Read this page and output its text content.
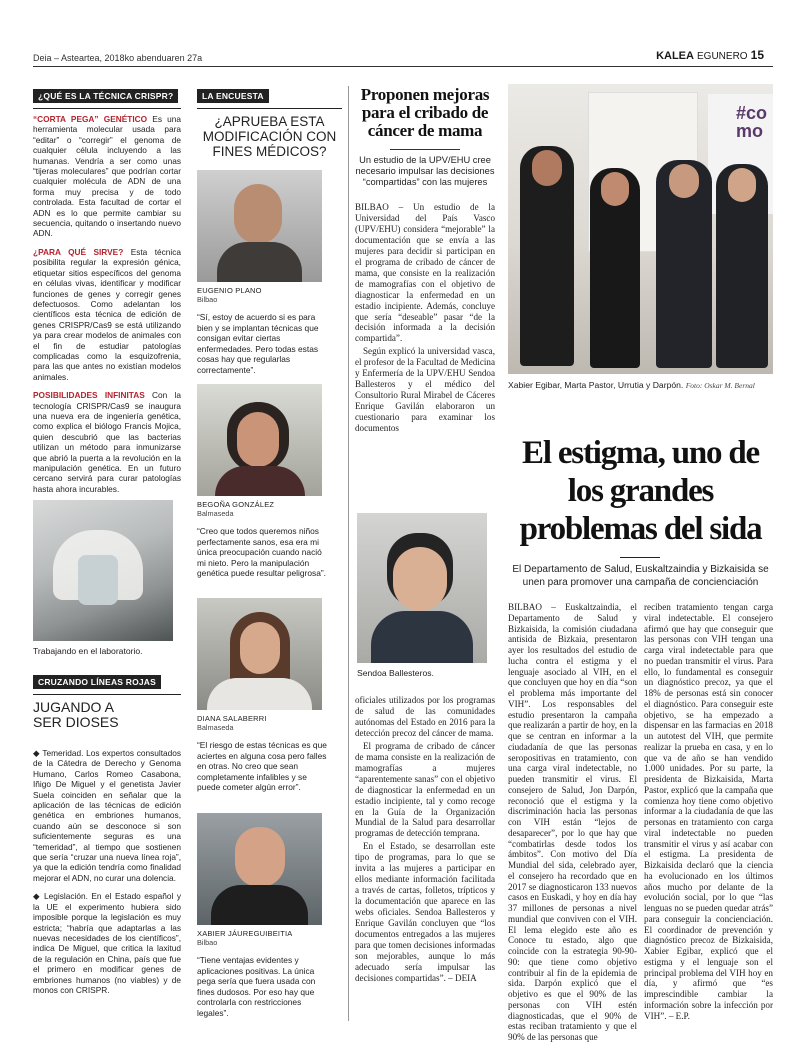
Deia – Asteartea, 2018ko abenduaren 27a	KALEA EGUNERO 15
¿QUÉ ES LA TÉCNICA CRISPR?

“CORTA PEGA” GENÉTICO Es una herramienta molecular usada para “editar” o “corregir” el genoma de cualquier célula incluyendo a las humanas. Vendría a ser como unas “tijeras moleculares” que podrían cortar cualquier molécula de ADN de una forma muy precisa y de todo controlada. Esta facultad de cortar el ADN es lo que permite cambiar su secuencia, quitando o insertando nuevo ADN.

¿PARA QUÉ SIRVE? Esta técnica posibilita regular la expresión génica, etiquetar sitios específicos del genoma en células vivas, identificar y modificar funciones de genes y corregir genes defectuosos. Como adelantan los científicos esta técnica de edición de genes CRISPR/Cas9 se está utilizando ya para crear modelos de animales con el fin de estudiar patologías complicadas como la esquizofrenia, para las que antes no existían modelos animales.

POSIBILIDADES INFINITAS Con la tecnología CRISPR/Cas9 se inaugura una nueva era de ingeniería genética, como explica el biólogo Francis Mojica, quien descubrió que las bacterias utilizan un método para inmunizarse que abrió la puerta a la revolución en la manipulación genética. En un futuro cercano servirá para curar patologías hasta ahora incurables.

Trabajando en el laboratorio.
CRUZANDO LÍNEAS ROJAS
JUGANDO A SER DIOSES

◆ Temeridad. Los expertos consultados de la Cátedra de Derecho y Genoma Humano, Carlos Romeo Casabona, Iñigo De Miguel y el genetista Javier Suela coinciden en señalar que la aplicación de las técnicas de edición genética en embriones humanos, cuando aún se desconoce si son suficientemente seguras es una “temeridad”, al tiempo que sostienen que sería “cruzar una nueva línea roja”, ya que la edición tendría como finalidad mejorar el ADN, no curar una dolencia.

◆ Legislación. En el Estado español y la UE el experimento hubiera sido imposible porque la legislación es muy estricta; “habría que adaptarlas a las nuevas necesidades de los científicos”, indica De Miguel, que critica la laxitud de la regulación en China, país que fue el primero en modificar genes de embriones humanos (no viables) y de monos con CRISPR.

LA ENCUESTA
¿APRUEBA ESTA MODIFICACIÓN CON FINES MÉDICOS?
EUGENIO PLANO
Bilbao
“Sí, estoy de acuerdo si es para bien y se implantan técnicas que consigan evitar ciertas enfermedades. Pero todas estas cosas hay que regularlas correctamente”.
BEGOÑA GONZÁLEZ
Balmaseda
“Creo que todos queremos niños perfectamente sanos, esa era mi única preocupación cuando nació mi nieto. Pero la manipulación genética puede resultar peligrosa”.
DIANA SALABERRI
Balmaseda
“El riesgo de estas técnicas es que aciertes en alguna cosa pero falles en otras. No creo que sean completamente infalibles y se puede cometer algún error”.
XABIER JÁUREGUIBEITIA
Bilbao
“Tiene ventajas evidentes y aplicaciones positivas. La única pega sería que fuera usada con fines dudosos. Por eso hay que controlarla con restricciones legales”.
Proponen mejoras para el cribado de cáncer de mama
Un estudio de la UPV/EHU cree necesario impulsar las decisiones “compartidas” con las mujeres

BILBAO – Un estudio de la Universidad del País Vasco (UPV/EHU) considera “mejorable” la documentación que se envía a las mujeres para decidir si participan en el programa de cribado de cáncer de mama, que consiste en la realización de mamografías con el objetivo de diagnosticar la enfermedad en un estadio incipiente. Además, concluye que sería “deseable” pasar “de la decisión informada a la decisión compartida”.

Según explicó la universidad vasca, el profesor de la Facultad de Medicina y Enfermería de la UPV/EHU Sendoa Ballesteros y el médico del Consultorio Rural Mirabel de Cáceres Enrique Gavilán elaboraron un cuestionario para examinar los documentos

Sendoa Ballesteros.

oficiales utilizados por los programas de salud de las comunidades autónomas del Estado en 2016 para la detección precoz del cáncer de mama.

El programa de cribado de cáncer de mama consiste en la realización de mamografías a mujeres “aparentemente sanas” con el objetivo de diagnosticar la enfermedad en un estadio incipiente, tal y como recoge en la Guía de la Organización Mundial de la Salud para desarrollar programas de detección temprana.

En el Estado, se desarrollan este tipo de programas, para lo que se invita a las mujeres a participar en ellos mediante información facilitada a través de cartas, folletos, trípticos y la documentación que aparece en las webs oficiales. Sendoa Ballesteros y Enrique Gavilán concluyen que “los documentos entregados a las mujeres para que tomen decisiones informadas son mejorables, aunque lo más adecuado sería impulsar las decisiones compartidas”. – DEIA

#co mo
Xabier Egibar, Marta Pastor, Urrutia y Darpón. Foto: Oskar M. Bernal
El estigma, uno de los grandes problemas del sida
El Departamento de Salud, Euskaltzaindia y Bizkaisida se unen para promover una campaña de concienciación
BILBAO – Euskaltzaindia, el Departamento de Salud y Bizkaisida, la comisión ciudadana antisida de Bizkaia, presentaron ayer los resultados del estudio de lucha contra el estigma y el lenguaje asociado al VIH, en el que concluyen que hoy en día “son el problema más importante del VIH”. Los responsables del estudio presentaron la campaña que realizarán a partir de hoy, en la que se centran en informar a la ciudadanía de que las personas seropositivas en tratamiento, con una carga viral indetectable, no pueden transmitir el virus. El consejero de Salud, Jon Darpón, reconoció que el estigma y la discriminación hacia las personas con VIH están “lejos de desaparecer”, por lo que hay que “combatirlas desde todos los ámbitos”. Con motivo del Día Mundial del sida, celebrado ayer, el consejero ha recordado que en 2017 se diagnosticaron 133 nuevos casos en Euskadi, y hoy en día hay 37 millones de personas a nivel mundial que conviven con el VIH. El lema elegido este año es Conoce tu estado, algo que coincide con la estrategia 90-90-90: que tiene como objetivo contribuir al fin de la epidemia de sida. Darpón explicó que el objetivo es que el 90% de las personas con VIH estén diagnosticadas, que el 90% de estas reciban tratamiento y que el 90% de las personas que
reciben tratamiento tengan carga viral indetectable. El consejero afirmó que hay que conseguir que las personas con VIH tengan una carga viral indetectable para que no puedan transmitir el virus. Para ello, lo fundamental es conseguir un diagnóstico precoz, ya que el 18% de personas está sin conocer el diagnóstico. Para conseguir este objetivo, se ha empezado a dispensar en las farmacias en 2018 un autotest del VIH, que permite realizar la prueba en casa, y en lo que va de año se han vendido 1.000 unidades. Por su parte, la presidenta de Bizkaisida, Marta Pastor, explicó que la campaña que comienza hoy tiene como objetivo informar a la ciudadanía de que las personas en tratamiento con carga viral indetectable no pueden transmitir el virus y así acabar con el estigma. La presidenta de Bizkaisida declaró que la ciencia ha evolucionado en los últimos años mucho por delante de la evolución social, por lo que “las lenguas no se pueden quedar atrás” para conseguir la concienciación. El coordinador de prevención y diagnóstico precoz de Bizkaisida, Xabier Egibar, explicó que el estigma y el lenguaje son el principal problema del VIH hoy en día, y afirmó que “es imprescindible cambiar la información sobre la infección por VIH”. – E.P.
